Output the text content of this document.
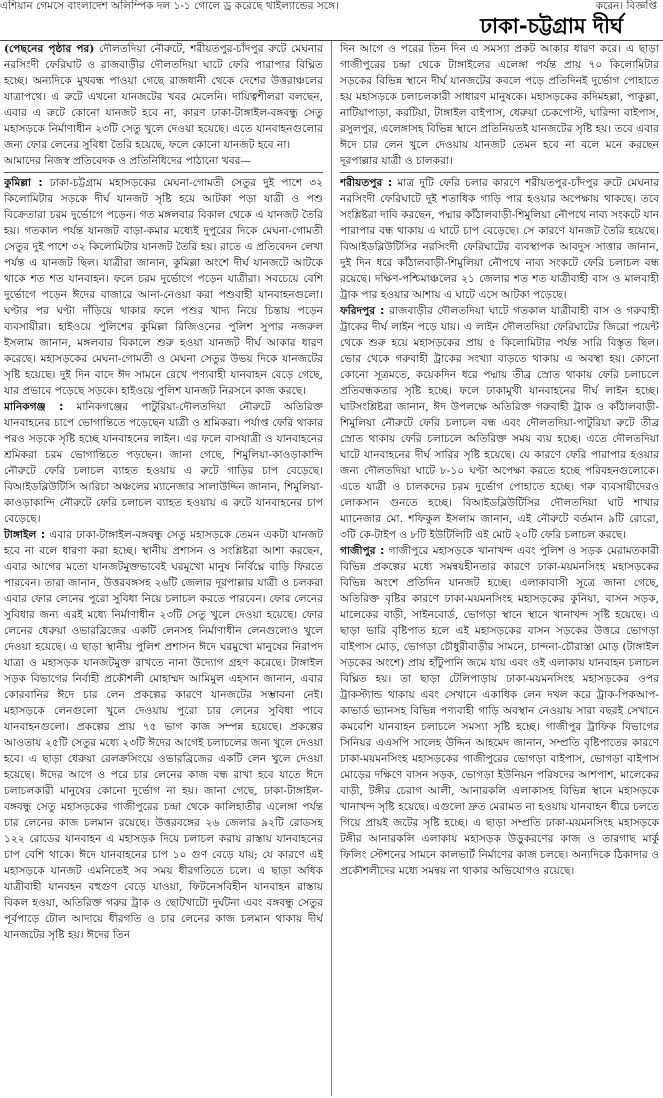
এশিয়ান গেমসে বাংলাদেশ অলিম্পিক দল ১-১ গোলে ড্র করেছে থাইল্যান্ডের সঙ্গে।	করেন। বিজ্ঞপ্তি
ঢাকা-চট্টগ্রাম দীর্ঘ

(পেছনের পৃষ্ঠার পর) দৌলতদিয়া নৌরুটে, শরীয়তপুর-চাঁদপুর রুটে মেঘনার নরসিংদী ফেরিঘাট ও রাজবাড়ীর দৌলতদিয়া ঘাটে ফেরি পারাপার বিঘ্নিত হচ্ছে। অন্যদিকে মুখবন্ধ পাওয়া গেছে রাজধানী থেকে দেশের উত্তরাঞ্চলের যাত্রাপথে। এ রুটে এখনো যানজটের খবর মেলেনি। দায়িত্বশীলরা বলছেন, এবার এ রুটে কোনো যানজট হবে না, কারণ ঢাকা-টাঙ্গাইল-বঙ্গবন্ধু সেতু মহাসড়কে নির্মাণাধীন ২৩টি সেতু খুলে দেওয়া হয়েছে। এতে যানবাহনগুলোর জন্য ফোর লেনের সুবিধা তৈরি হয়েছে, ফলে কোনো যানজট হবে না।

আমাদের নিজস্ব প্রতিবেদক ও প্রতিনিধিদের পাঠানো খবর—

কুমিল্লা : ঢাকা-চট্টগ্রাম মহাসড়কের মেঘনা-গোমতী সেতুর দুই পাশে ৩২ কিলোমিটার সড়কে দীর্ঘ যানজট সৃষ্টি হয়ে আটকা পড়া যাত্রী ও পশু বিক্রেতারা চরম দুর্ভোগে পড়েন। গত মঙ্গলবার বিকাল থেকে এ যানজট তৈরি হয়। গতকাল পর্যন্ত যানজট বাড়া-কমার মধ্যেই দুপুরের দিকে মেঘনা-গোমতী সেতুর দুই পাশে ৩২ কিলোমিটার যানজট তৈরি হয়। রাতে এ প্রতিবেদন লেখা পর্যন্ত এ যানজট ছিল। যাত্রীরা জানান, কুমিল্লা অংশে দীর্ঘ যানজটে আটকে থাকে শত শত যানবাহন। ফলে চরম দুর্ভোগে পড়েন যাত্রীরা। সবচেয়ে বেশি দুর্ভোগে পড়েন ঈদের বাজারে আনা-নেওয়া করা পশুবাহী যানবাহনগুলো। ঘণ্টার পর ঘণ্টা দাঁড়িয়ে থাকার ফলে পশুর খাদ্য নিয়ে চিন্তায় পড়েন ব্যবসায়ীরা। হাইওয়ে পুলিশের কুমিল্লা রিজিওনের পুলিশ সুপার নজরুল ইসলাম জানান, মঙ্গলবার বিকালে শুরু হওয়া যানজট দীর্ঘ আকার ধারণ করেছে। মহাসড়কের মেঘনা-গোমতী ও মেঘনা সেতুর উভয় দিকে যানজটের সৃষ্টি হয়েছে। দুই দিন বাদে ঈদ সামনে রেখে পণ্যবাহী যানবাহন বেড়ে গেছে, যার প্রভাবে পড়েছে সড়কে। হাইওয়ে পুলিশ যানজট নিরসনে কাজ করছে।

মানিকগঞ্জ : মানিকগঞ্জের পাটুরিয়া-দৌলতদিয়া নৌরুটে অতিরিক্ত যানবাহনের চাপে ভোগান্তিতে পড়েছেন যাত্রী ও শ্রমিকরা। পর্যাপ্ত ফেরি থাকার পরও সড়কে সৃষ্টি হচ্ছে যানবাহনের লাইন। এর ফলে বাসযাত্রী ও যানবাহনের শ্রমিকরা চরম ভোগান্তিতে পড়ছেন। জানা গেছে, শিমুলিয়া-কাওড়াকান্দি নৌরুটে ফেরি চলাচল ব্যাহত হওয়ায় এ রুটে গাড়ির চাপ বেড়েছে। বিআইডব্লিউটিসি আরিচা অঞ্চলের ম্যানেজার সালাউদ্দিন জানান, শিমুলিয়া-কাওড়াকান্দি নৌরুটে ফেরি চলাচল ব্যাহত হওয়ায় এ রুটে যানবাহনের চাপ বেড়েছে।

টাঙ্গাইল : এবার ঢাকা-টাঙ্গাইল-বঙ্গবন্ধু সেতু মহাসড়কে তেমন একটা যানজট হবে না বলে ধারণা করা হচ্ছে। স্থানীয় প্রশাসন ও সংশ্লিষ্টরা আশা করছেন, এবার আগের মতো যানজটমুক্তভাবেই ঘরমুখো মানুষ নির্বিঘ্নে বাড়ি ফিরতে পারবেন। তারা জানান, উত্তরবঙ্গসহ ২৬টি জেলার দূরপাল্লার যাত্রী ও চলকরা এবার ফোর লেনের পুরো সুবিধা নিয়ে চলাচল করতে পারবেন। ফোর লেনের সুবিধার জন্য এরই মধ্যে নির্মাণাধীন ২৩টি সেতু খুলে দেওয়া হয়েছে। ফোর লেনের ধেরুয়া ওভারব্রিজের একটি লেনসহ নির্মাণাধীন লেনগুলোও খুলে দেওয়া হয়েছে। এ ছাড়া স্থানীয় পুলিশ প্রশাসন ঈদে ঘরমুখো মানুষের নিরাপদ যাত্রা ও মহাসড়ক যানজটমুক্ত রাখতে নানা উদ্যোগ গ্রহণ করেছে। টাঙ্গাইল সড়ক বিভাগের নির্বাহী প্রকৌশলী মোহাম্মদ আমিমুল এহসান জানান, এবার কোরবানির ঈদে চার লেন প্রকল্পের কারণে যানজটের সম্ভাবনা নেই। মহাসড়কে লেনগুলো খুলে দেওয়ায় পুরো চার লেনের সুবিধা পাবে যানবাহনগুলো। প্রকল্পের প্রায় ৭৫ ভাগ কাজ সম্পন্ন হয়েছে। প্রকল্পের আওতায় ২৫টি সেতুর মধ্যে ২৩টি ঈদের আগেই চলাচলের জন্য খুলে দেওয়া হবে। এ ছাড়া ধেরুয়া রেলক্রসিংয়ে ওভারব্রিজের একটি লেন খুলে দেওয়া হয়েছে। ঈদের আগে ও পরে চার লেনের কাজ বন্ধ রাখা হবে যাতে ঈদে চলাচলকারী মানুষের কোনো দুর্ভোগ না হয়। জানা গেছে, ঢাকা-টাঙ্গাইল-বঙ্গবন্ধু সেতু মহাসড়কের গাজীপুরের চন্দ্রা থেকে কালিহাতীর এলেঙ্গা পর্যন্ত চার লেনের কাজ চলমান রয়েছে। উত্তরবঙ্গের ২৬ জেলার ৯২টি রোডসহ ১২২ রোডের যানবাহন এ মহাসড়ক দিয়ে চলাচল করায় রাস্তায় যানবাহনের চাপ বেশি থাকে। ঈদে যানবাহনের চাপ ১০ গুণ বেড়ে যায়; যে কারণে এই মহাসড়কে যানজট এমনিতেই সব সময় ধীরগতিতে চলে। এ ছাড়া অধিক যাত্রীবাহী যানবহন বহুগুণ বেড়ে যাওয়া, ফিটনেসবিহীন যানবাহন রাস্তায় বিকল হওয়া, অতিরিক্ত গরুর ট্রাক ও ছোটখাটো দুর্ঘটনা এবং বঙ্গবন্ধু সেতুর পূর্বপাড়ে টোল আদায়ে ধীরগতি ও চার লেনের কাজ চলমান থাকায় দীর্ঘ যানজটের সৃষ্টি হয়। ঈদের তিন

দিন আগে ও পরের তিন দিন এ সমস্যা প্রকট আকার ধারণ করে। এ ছাড়া গাজীপুরের চন্দ্রা থেকে টাঙ্গাইলের এলেঙ্গা পর্যন্ত প্রায় ৭০ কিলোমিটার সড়কের বিভিন্ন স্থানে দীর্ঘ যানজটের কবলে পড়ে প্রতিদিনই দুর্ভোগ পোহাতে হয় মহাসড়কে চলাচলকারী সাধারণ মানুষকে। মহাসড়কের কদিমহল্লা, পাকুল্লা, নাটিয়াপাড়া, করটিয়া, টাঙ্গাইল বাইপাস, ধেরুয়া চেকপোস্ট, ঘারিন্দা বাইপাস, রসুলপুর, এলেঙ্গাসহ বিভিন্ন স্থানে প্রতিনিয়তই যানজটের সৃষ্টি হয়। তবে এবার ঈদে চার লেন খুলে দেওয়ায় যানজট তেমন হবে না বলে মনে করছেন দূরপাল্লার যাত্রী ও চালকরা।

শরীয়তপুর : মাত্র দুটি ফেরি চলার কারণে শরীয়তপুর-চাঁদপুর রুটে মেঘনার নরসিংদী ফেরিঘাটে দুই শতাধিক গাড়ি পার হওয়ার অপেক্ষায় থাকছে। তবে সংশ্লিষ্টরা দাবি করছেন, পদ্মার কাঁঠালবাড়ী-শিমুলিয়া নৌপথে নাব্য সংকটে যান পারাপার বন্ধ থাকায় এ ঘাটে চাপ বেড়েছে। সে কারণে যানজট তৈরি হয়েছে। বিআইডব্লিউটিসির নরসিংদী ফেরিঘাটের ব্যবস্থাপক আবদুস সাত্তার জানান, দুই দিন ধরে কাঁঠালবাড়ী-শিমুলিয়া নৌপথে নাব্য সংকটে ফেরি চলাচল বন্ধ রয়েছে। দক্ষিণ-পশ্চিমাঞ্চলের ২১ জেলার শত শত যাত্রীবাহী বাস ও মালবাহী ট্রাক পার হওয়ার আশায় এ ঘাটে এসে আটকা পড়েছে।

ফরিদপুর : রাজবাড়ীর দৌলতদিয়া ঘাটে গতকাল যাত্রীবাহী বাস ও গরুবাহী ট্রাকের দীর্ঘ লাইন পড়ে যায়। এ লাইন দৌলতদিয়া ফেরিঘাটের জিরো পয়েন্ট থেকে শুরু হয়ে মহাসড়কের প্রায় ৫ কিলোমিটার পর্যন্ত সারি বিস্তৃত ছিল। ভোর থেকে গরুবাহী ট্রাকের সংখ্যা বাড়তে থাকায় এ অবস্থা হয়। কোনো কোনো সূত্রমতে, কয়েকদিন ধরে পদ্মায় তীব্র স্রোত থাকায় ফেরি চলাচলে প্রতিবন্ধকতার সৃষ্টি হচ্ছে। ফলে ঢাকামুখী যানবাহনের দীর্ঘ লাইন হচ্ছে। ঘাটসংশ্লিষ্টরা জানান, ঈদ উপলক্ষে অতিরিক্ত গরুবাহী ট্রাক ও কাঁঠালবাড়ী-শিমুলিয়া নৌরুটে ফেরি চলাচল বন্ধ এবং দৌলতদিয়া-পাটুরিয়া রুটে তীব্র স্রোত থাকায় ফেরি চলাচলে অতিরিক্ত সময় ব্যয় হচ্ছে। এতে দৌলতদিয়া ঘাটে যানবাহনের দীর্ঘ সারির সৃষ্টি হয়েছে। যে কারণে ফেরি পারাপার হওয়ার জন্য দৌলতদিয়া ঘাটে ৮-১০ ঘণ্টা অপেক্ষা করতে হচ্ছে পরিবহনগুলোকে। এতে যাত্রী ও চালকদের চরম দুর্ভোগ পোহাতে হচ্ছে। গরু ব্যবসায়ীদেরও লোকসান গুনতে হচ্ছে। বিআইডব্লিউটিসির দৌলতদিয়া ঘাট শাখার ম্যানেজার মো. শফিকুল ইসলাম জানান, এই নৌরুটে বর্তমান ৯টি রোরো, ৩টি কে-টাইপ ও ৮টি ইউটিলিটি এই মোট ২০টি ফেরি চলাচল করছে।

গাজীপুর : গাজীপুরে মহাসড়কে খানাখন্দ এবং পুলিশ ও সড়ক মেরামতকারী বিভিন্ন প্রকল্পের মধ্যে সমন্বয়হীনতার কারণে ঢাকা-ময়মনসিংহ মহাসড়কের বিভিন্ন অংশে প্রতিদিন যানজট হচ্ছে। এলাকাবাসী সূত্রে জানা গেছে, অতিরিক্ত বৃষ্টির কারণে ঢাকা-ময়মনসিংহ মহাসড়কের কুনিয়া, বাসন সড়ক, মালেকের বাড়ী, সাইনবোর্ড, ভোগড়া স্থানে স্থানে খানাখন্দ সৃষ্টি হয়েছে। এ ছাড়া ভারি বৃষ্টিপাত হলে এই মহাসড়কের বাসন সড়কের উত্তরে ভোগড়া বাইপাস মোড়, ভোগড়া চৌধুরীবাড়ীর সামনে, চান্দনা-চৌরাস্তা মোড় (টাঙ্গাইল সড়কের অংশে) প্রায় হাঁটুপানি জমে যায় এবং ওই এলাকায় যানবাহন চলাচল বিঘ্নিত হয়। তা ছাড়া টেলিপাড়ায় ঢাকা-ময়মনসিংহ মহাসড়কের ওপর ট্রাকস্ট্যান্ড থাকায় এবং সেখানে একাধিক লেন দখল করে ট্রাক-পিকআপ-কাভার্ড ভ্যানসহ বিভিন্ন পণ্যবাহী গাড়ি অবস্থান নেওয়ায় সারা বছরই সেখানে কমবেশি যানবাহন চলাচলে সমস্যা সৃষ্টি হচ্ছে। গাজীপুর ট্রাফিক বিভাগের সিনিয়র এএসপি সালেহ উদ্দিন আহমেদ জানান, সম্প্রতি বৃষ্টিপাতের কারণে ঢাকা-ময়মনসিংহ মহাসড়কের গাজীপুরের ভোগড়া বাইপাস, ভোগড়া বাইপাস মোড়ের দক্ষিণে বাসন সড়ক, ভোগড়া ইউনিয়ন পরিষদের আশপাশ, মালেকের বাড়ী, টঙ্গীর চেরাগ আলী, আনারকলি এলাকাসহ বিভিন্ন স্থানে মহাসড়কে খানাখন্দ সৃষ্টি হয়েছে। এগুলো দ্রুত মেরামত না হওয়ায় যানবাহন ধীরে চলতে গিয়ে প্রায়ই জটের সৃষ্টি হচ্ছে। এ ছাড়া সম্প্রতি ঢাকা-ময়মনসিংহ মহাসড়কে টঙ্গীর আনারকলি এলাকায় মহাসড়ক উড়ুকরণের কাজ ও তারগাছ মার্কু ফিলিং স্টেশনের সামনে কালভার্ট নির্মাণের কাজ চলছে। অন্যদিকে ঠিকাদার ও প্রকৌশলীদের মধ্যে সমন্বয় না থাকার অভিযোগও রয়েছে।
